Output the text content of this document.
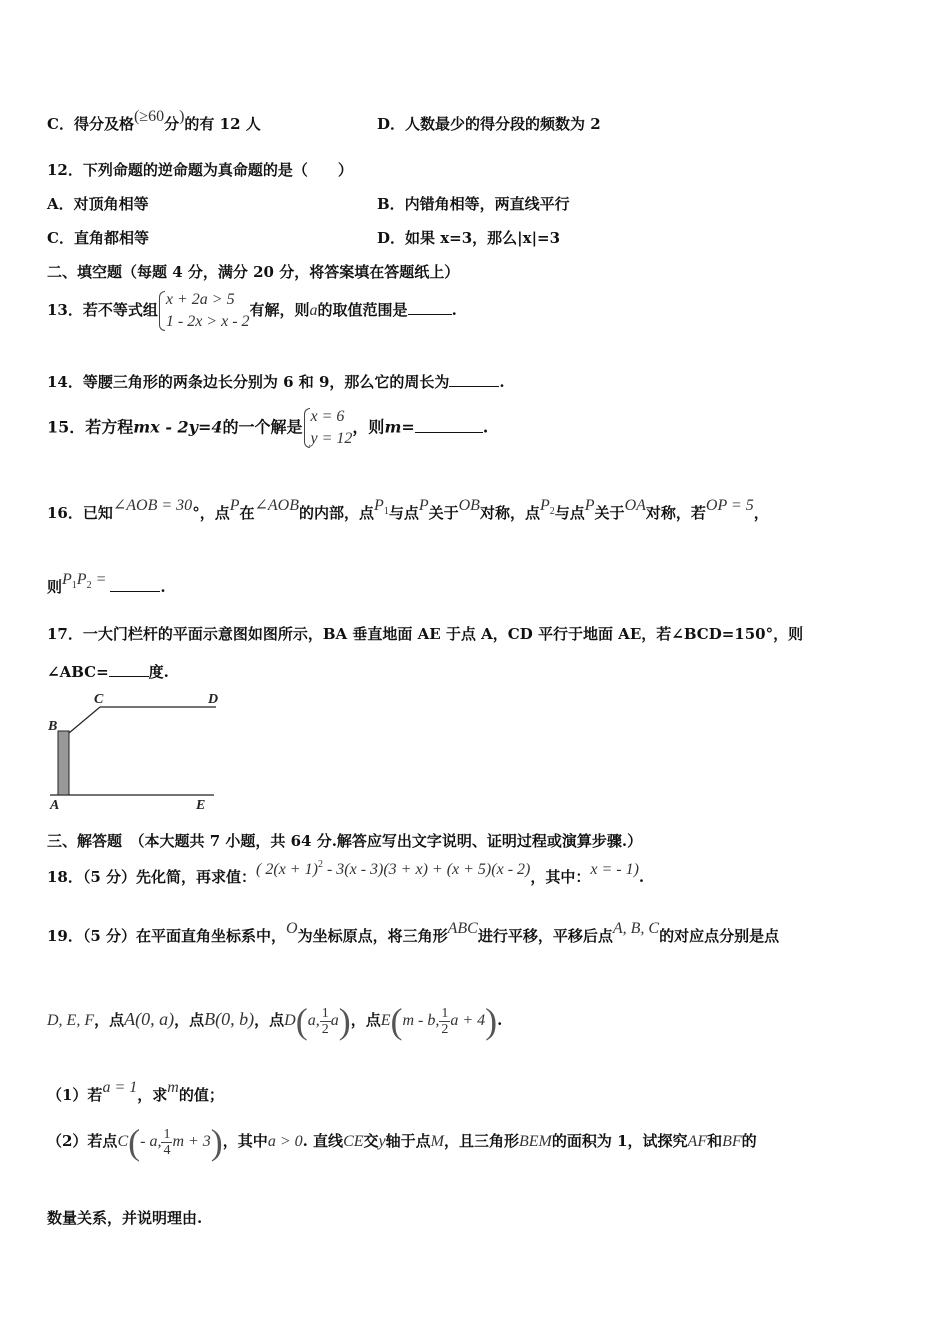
C．得分及格(≥60分)的有 12 人	D．人数最少的得分段的频数为 2
12．下列命题的逆命题为真命题的是（　　）
A．对顶角相等	B．内错角相等，两直线平行
C．直角都相等	D．如果 x=3，那么|x|=3
二、填空题（每题 4 分，满分 20 分，将答案填在答题纸上）
13．若不等式组
x + 2a > 5
1 - 2x > x - 2
有解，则a的取值范围是	.
14．等腰三角形的两条边长分别为 6 和 9，那么它的周长为	.
15．若方程mx - 2y=4的一个解是
x = 6
y = 12
，则m=	.
16．已知∠AOB = 30°，点P在∠AOB的内部，点$P_1$与点P关于OB对称，点$P_2$与点P关于OA对称，若OP = 5，
则$P_1P_2$ =	.
17．一大门栏杆的平面示意图如图所示，BA 垂直地面 AE 于点 A，CD 平行于地面 AE，若∠BCD=150°，则
∠ABC=	度.
B
C	D
A	E
三、解答题　（本大题共 7 小题，共 64 分.解答应写出文字说明、证明过程或演算步骤.）
18．（5 分）先化简，再求值：( $2(x + 1)^2 - 3(x - 3)(3 + x) + (x + 5)(x - 2)$，其中：x = - 1).
19．（5 分）在平面直角坐标系中，O为坐标原点，将三角形ABC进行平移，平移后点A, B, C的对应点分别是点
D, E, F，点A(0, a)，点B(0, b)，点D(a, $\frac{1}{2} a$)，点E(m - b, $\frac{1}{2}$ a + 4).
（1）若a = 1，求m的值；
（2）若点C(- a, $\frac{1}{4}$ m + 3)，其中a > 0. 直线CE交y轴于点M，且三角形BEM的面积为 1，试探究AF和BF的
数量关系，并说明理由.
